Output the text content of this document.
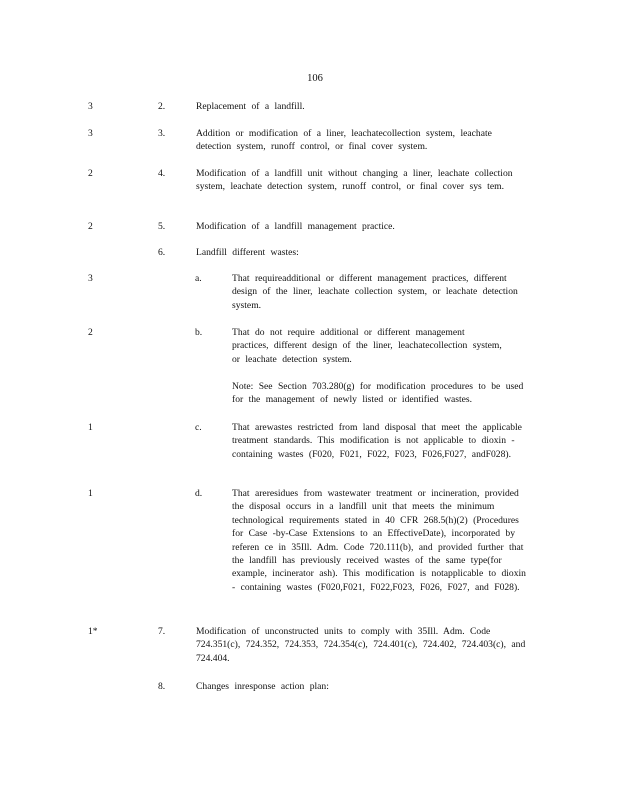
106
3	2.	Replacement of a landfill.
3	3.	Addition or modification of a liner, leachatecollection system, leachate detection system, runoff control, or final cover system.
2	4.	Modification of a landfill unit without changing a liner, leachate collection system, leachate detection system, runoff control, or final cover sys tem.
2	5.	Modification of a landfill management practice.
6.	Landfill different wastes:
3	a.	That requireadditional or different management practices, different design of the liner, leachate collection system, or leachate detection system.
2	b.	That do not require additional or different management practices, different design of the liner, leachatecollection system, or leachate detection system.
Note: See Section 703.280(g) for modification procedures to be used for the management of newly listed or identified wastes.
1	c.	That arewastes restricted from land disposal that meet the applicable treatment standards. This modification is not applicable to dioxin -containing wastes (F020, F021, F022, F023, F026,F027, andF028).
1	d.	That areresidues from wastewater treatment or incineration, provided the disposal occurs in a landfill unit that meets the minimum technological requirements stated in 40 CFR 268.5(h)(2) (Procedures for Case -by-Case Extensions to an EffectiveDate), incorporated by referen ce in 35Ill. Adm. Code 720.111(b), and provided further that the landfill has previously received wastes of the same type(for example, incinerator ash). This modification is notapplicable to dioxin - containing wastes (F020,F021, F022,F023, F026, F027, and F028).
1*	7.	Modification of unconstructed units to comply with 35Ill. Adm. Code 724.351(c), 724.352, 724.353, 724.354(c), 724.401(c), 724.402, 724.403(c), and 724.404.
8.	Changes inresponse action plan:
